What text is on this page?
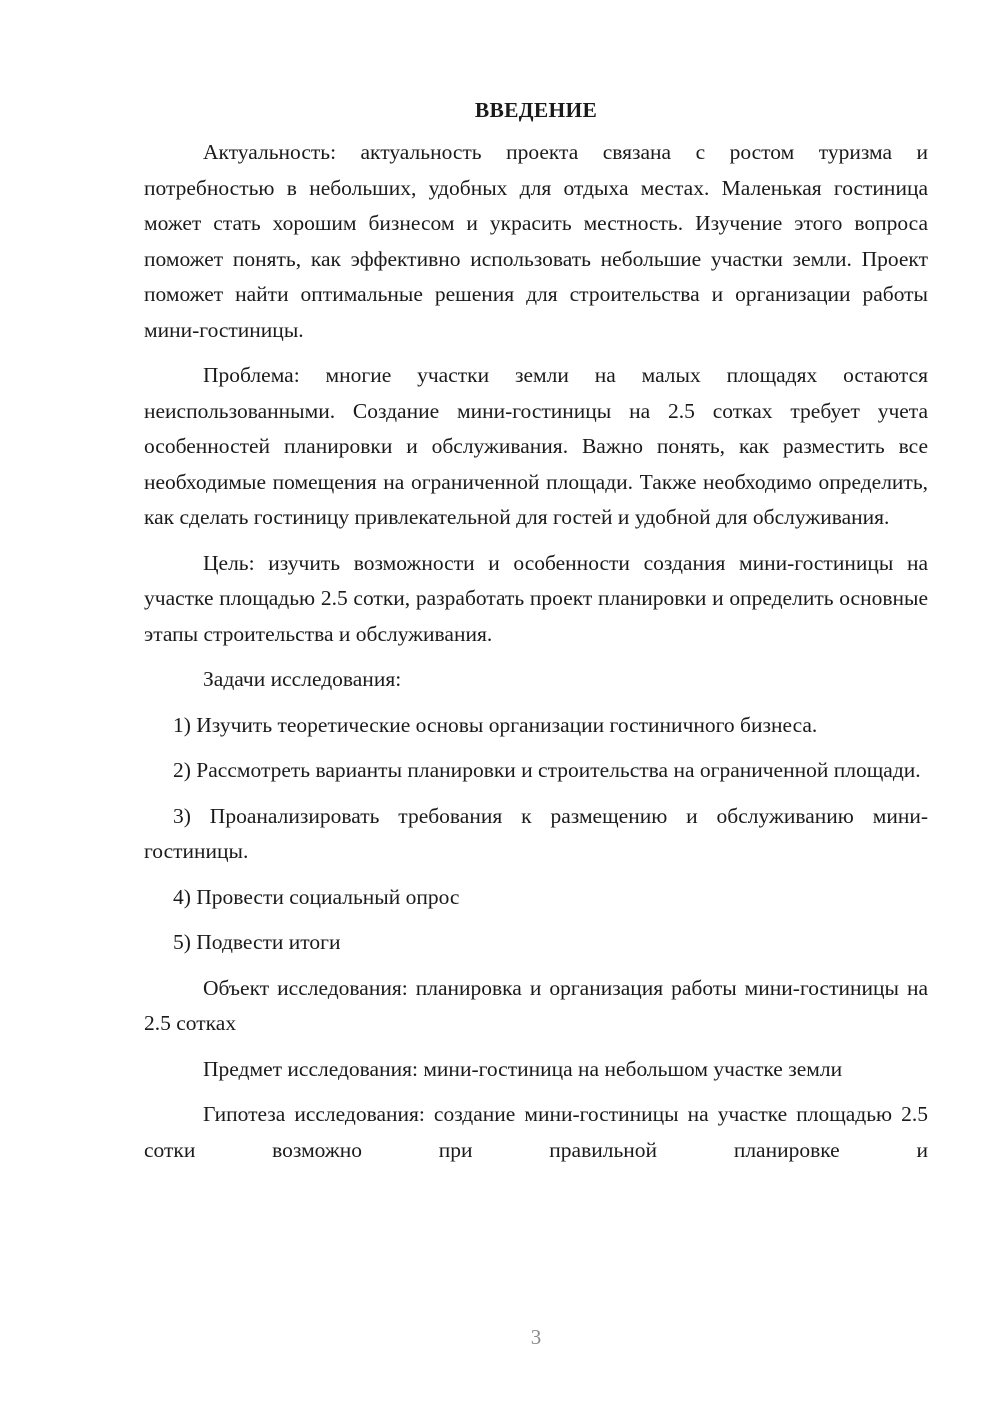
ВВЕДЕНИЕ

Актуальность: актуальность проекта связана с ростом туризма и потребностью в небольших, удобных для отдыха местах. Маленькая гостиница может стать хорошим бизнесом и украсить местность. Изучение этого вопроса поможет понять, как эффективно использовать небольшие участки земли. Проект поможет найти оптимальные решения для строительства и организации работы мини-гостиницы.

Проблема: многие участки земли на малых площадях остаются неиспользованными. Создание мини-гостиницы на 2.5 сотках требует учета особенностей планировки и обслуживания. Важно понять, как разместить все необходимые помещения на ограниченной площади. Также необходимо определить, как сделать гостиницу привлекательной для гостей и удобной для обслуживания.

Цель: изучить возможности и особенности создания мини-гостиницы на участке площадью 2.5 сотки, разработать проект планировки и определить основные этапы строительства и обслуживания.

Задачи исследования:

1) Изучить теоретические основы организации гостиничного бизнеса.

2) Рассмотреть варианты планировки и строительства на ограниченной площади.

3) Проанализировать требования к размещению и обслуживанию мини-гостиницы.

4) Провести социальный опрос

5) Подвести итоги

Объект исследования: планировка и организация работы мини-гостиницы на 2.5 сотках

Предмет исследования: мини-гостиница на небольшом участке земли

Гипотеза исследования: создание мини-гостиницы на участке площадью 2.5 сотки возможно при правильной планировке и

3
